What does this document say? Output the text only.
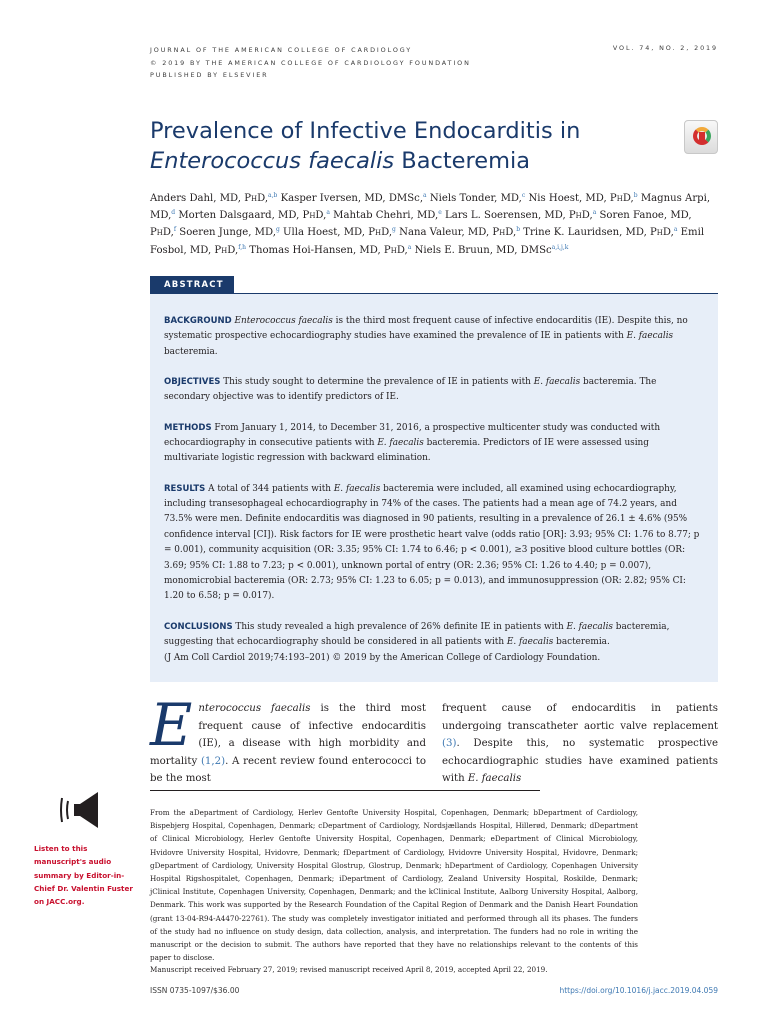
JOURNAL OF THE AMERICAN COLLEGE OF CARDIOLOGY
© 2019 BY THE AMERICAN COLLEGE OF CARDIOLOGY FOUNDATION
PUBLISHED BY ELSEVIER
VOL. 74, NO. 2, 2019
Prevalence of Infective Endocarditis in
Enterococcus faecalis Bacteremia
Anders Dahl, MD, PhD,$^{a,b}$ Kasper Iversen, MD, DMSc,$^a$ Niels Tonder, MD,$^c$ Nis Hoest, MD, PhD,$^b$ Magnus Arpi, MD,$^d$ Morten Dalsgaard, MD, PhD,$^a$ Mahtab Chehri, MD,$^e$ Lars L. Soerensen, MD, PhD,$^a$ Soren Fanoe, MD, PhD,$^f$ Soeren Junge, MD,$^g$ Ulla Hoest, MD, PhD,$^g$ Nana Valeur, MD, PhD,$^b$ Trine K. Lauridsen, MD, PhD,$^a$ Emil Fosbol, MD, PhD,$^{f,h}$ Thomas Hoi-Hansen, MD, PhD,$^a$ Niels E. Bruun, MD, DMSc$^{a,i,j,k}$
ABSTRACT

BACKGROUND Enterococcus faecalis is the third most frequent cause of infective endocarditis (IE). Despite this, no systematic prospective echocardiography studies have examined the prevalence of IE in patients with E. faecalis bacteremia.

OBJECTIVES This study sought to determine the prevalence of IE in patients with E. faecalis bacteremia. The secondary objective was to identify predictors of IE.

METHODS From January 1, 2014, to December 31, 2016, a prospective multicenter study was conducted with echocardiography in consecutive patients with E. faecalis bacteremia. Predictors of IE were assessed using multivariate logistic regression with backward elimination.

RESULTS A total of 344 patients with E. faecalis bacteremia were included, all examined using echocardiography, including transesophageal echocardiography in 74% of the cases. The patients had a mean age of 74.2 years, and 73.5% were men. Definite endocarditis was diagnosed in 90 patients, resulting in a prevalence of 26.1 ± 4.6% (95% confidence interval [CI]). Risk factors for IE were prosthetic heart valve (odds ratio [OR]: 3.93; 95% CI: 1.76 to 8.77; p = 0.001), community acquisition (OR: 3.35; 95% CI: 1.74 to 6.46; p < 0.001), ≥3 positive blood culture bottles (OR: 3.69; 95% CI: 1.88 to 7.23; p < 0.001), unknown portal of entry (OR: 2.36; 95% CI: 1.26 to 4.40; p = 0.007), monomicrobial bacteremia (OR: 2.73; 95% CI: 1.23 to 6.05; p = 0.013), and immunosuppression (OR: 2.82; 95% CI: 1.20 to 6.58; p = 0.017).

CONCLUSIONS This study revealed a high prevalence of 26% definite IE in patients with E. faecalis bacteremia, suggesting that echocardiography should be considered in all patients with E. faecalis bacteremia.
(J Am Coll Cardiol 2019;74:193–201) © 2019 by the American College of Cardiology Foundation.

Enterococcus faecalis is the third most frequent cause of infective endocarditis (IE), a disease with high morbidity and mortality (1,2). A recent review found enterococci to be the most
frequent cause of endocarditis in patients undergoing transcatheter aortic valve replacement (3). Despite this, no systematic prospective echocardiographic studies have examined patients with E. faecalis
Listen to this manuscript's audio summary by Editor-in-Chief Dr. Valentin Fuster on JACC.org.

From the aDepartment of Cardiology, Herlev Gentofte University Hospital, Copenhagen, Denmark; bDepartment of Cardiology, Bispebjerg Hospital, Copenhagen, Denmark; cDepartment of Cardiology, Nordsjællands Hospital, Hillerød, Denmark; dDepartment of Clinical Microbiology, Herlev Gentofte University Hospital, Copenhagen, Denmark; eDepartment of Clinical Microbiology, Hvidovre University Hospital, Hvidovre, Denmark; fDepartment of Cardiology, Hvidovre University Hospital, Hvidovre, Denmark; gDepartment of Cardiology, University Hospital Glostrup, Glostrup, Denmark; hDepartment of Cardiology, Copenhagen University Hospital Rigshospitalet, Copenhagen, Denmark; iDepartment of Cardiology, Zealand University Hospital, Roskilde, Denmark; jClinical Institute, Copenhagen University, Copenhagen, Denmark; and the kClinical Institute, Aalborg University Hospital, Aalborg, Denmark. This work was supported by the Research Foundation of the Capital Region of Denmark and the Danish Heart Foundation (grant 13-04-R94-A4470-22761). The study was completely investigator initiated and performed through all its phases. The funders of the study had no influence on study design, data collection, analysis, and interpretation. The funders had no role in writing the manuscript or the decision to submit. The authors have reported that they have no relationships relevant to the contents of this paper to disclose.

Manuscript received February 27, 2019; revised manuscript received April 8, 2019, accepted April 22, 2019.
ISSN 0735-1097/$36.00	https://doi.org/10.1016/j.jacc.2019.04.059
